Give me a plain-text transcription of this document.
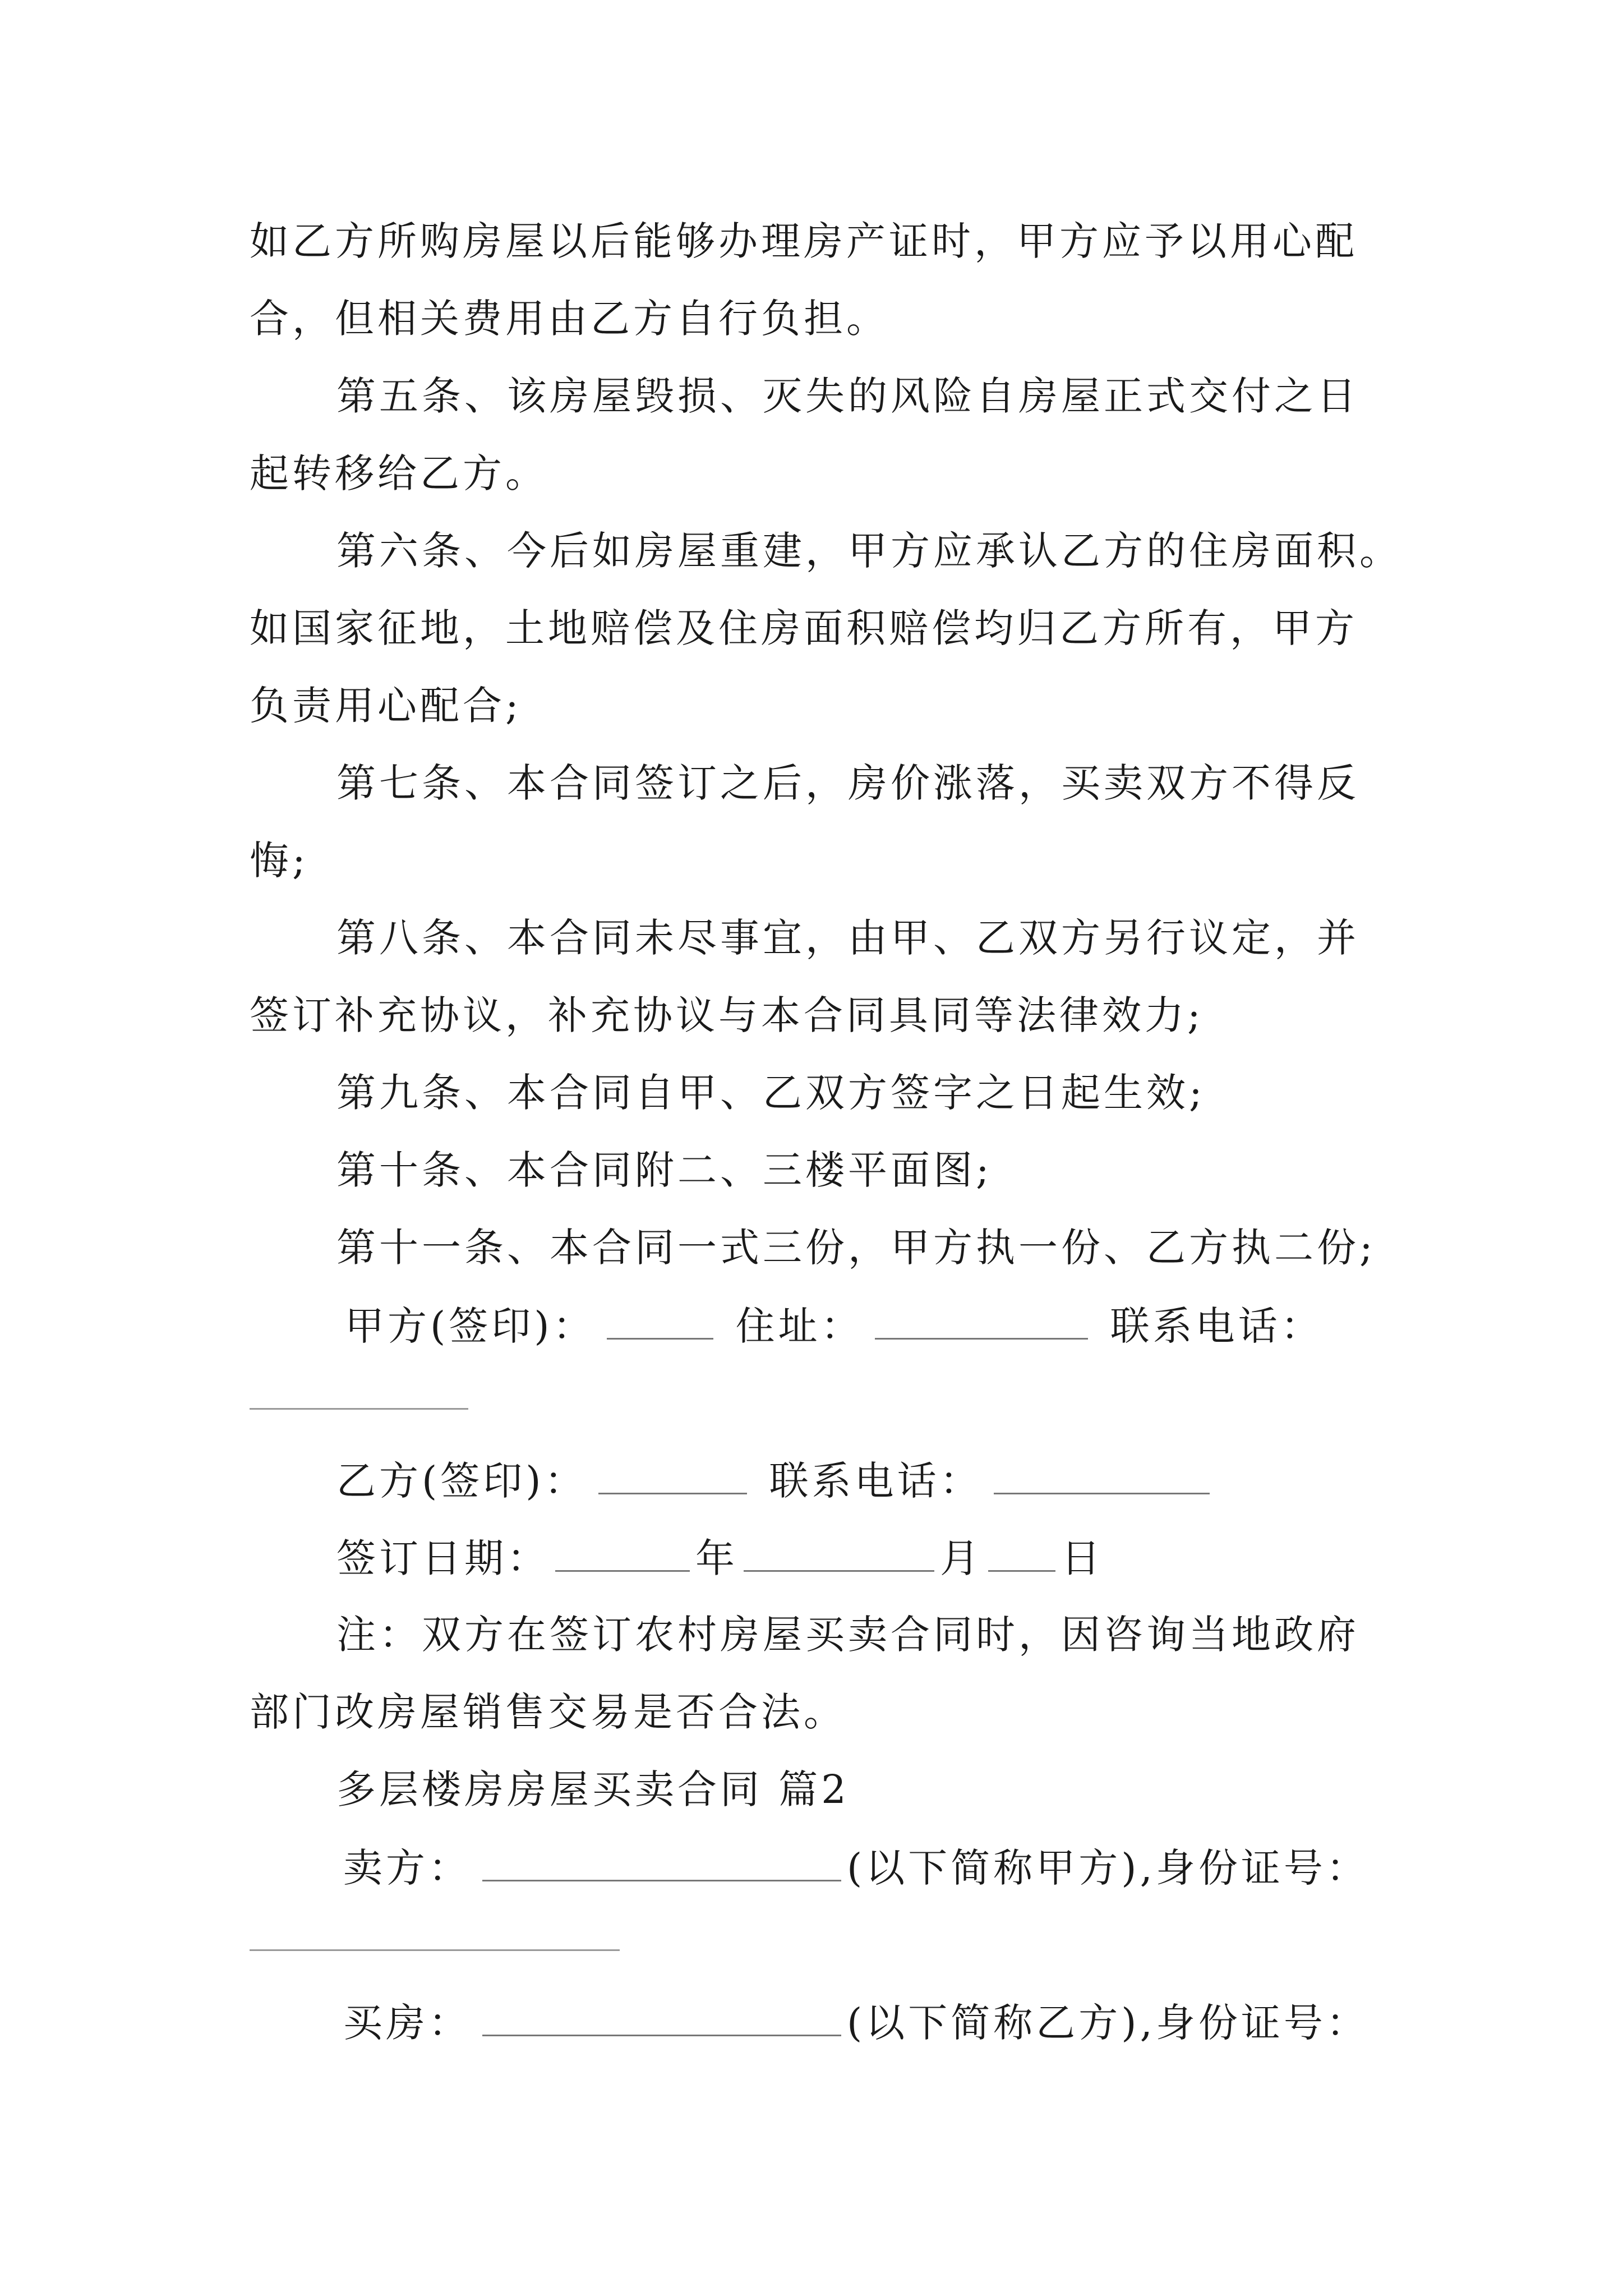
如乙方所购房屋以后能够办理房产证时，甲方应予以用心配
合，但相关费用由乙方自行负担。
第五条、该房屋毁损、灭失的风险自房屋正式交付之日
起转移给乙方。
第六条、今后如房屋重建，甲方应承认乙方的住房面积。
如国家征地，土地赔偿及住房面积赔偿均归乙方所有，甲方
负责用心配合;
第七条、本合同签订之后，房价涨落，买卖双方不得反
悔;
第八条、本合同未尽事宜，由甲、乙双方另行议定，并
签订补充协议，补充协议与本合同具同等法律效力;
第九条、本合同自甲、乙双方签字之日起生效;
第十条、本合同附二、三楼平面图;
第十一条、本合同一式三份，甲方执一份、乙方执二份;
甲方(签印)：	住址：	联系电话：
乙方(签印)：	联系电话：
签订日期：	年	月 日
注：双方在签订农村房屋买卖合同时，因咨询当地政府
部门改房屋销售交易是否合法。
多层楼房房屋买卖合同 篇2
卖方：	(以下简称甲方),身份证号：
买房：	(以下简称乙方),身份证号：
